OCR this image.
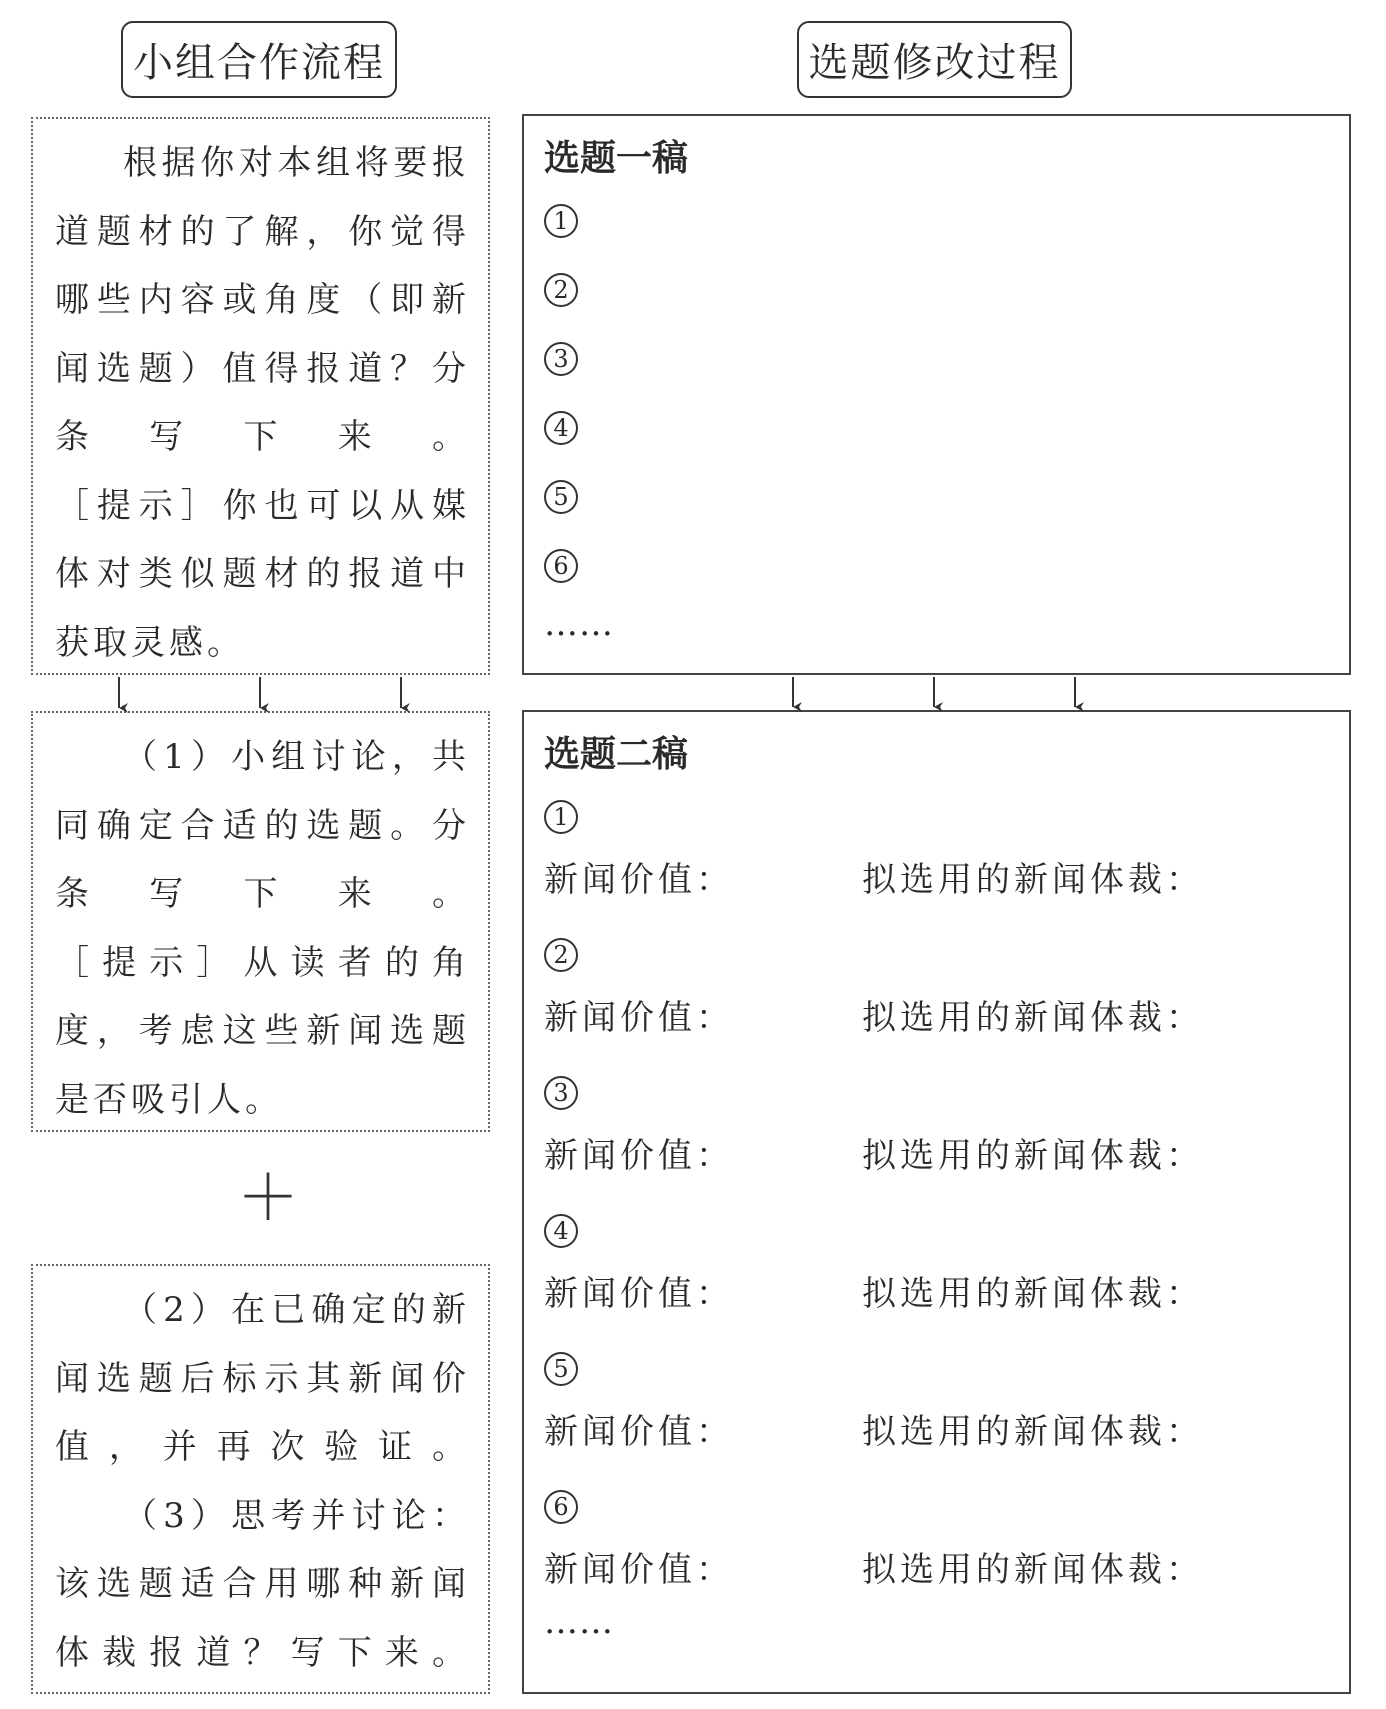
小组合作流程	选题修改过程

根据你对本组将要报道题材的了解，你觉得哪些内容或角度（即新闻选题）值得报道？分条写下来。

［提示］你也可以从媒体对类似题材的报道中获取灵感。

（1）小组讨论，共同确定合适的选题。分条写下来。

［提示］从读者的角度，考虑这些新闻选题是否吸引人。

＋

（2）在已确定的新闻选题后标示其新闻价值，并再次验证。

（3）思考并讨论：该选题适合用哪种新闻体裁报道？写下来。

选题一稿
1
2
3
4
5
6
……
选题二稿
1
新闻价值：	拟选用的新闻体裁：
2
新闻价值：	拟选用的新闻体裁：
3
新闻价值：	拟选用的新闻体裁：
4
新闻价值：	拟选用的新闻体裁：
5
新闻价值：	拟选用的新闻体裁：
6
新闻价值：	拟选用的新闻体裁：
……
